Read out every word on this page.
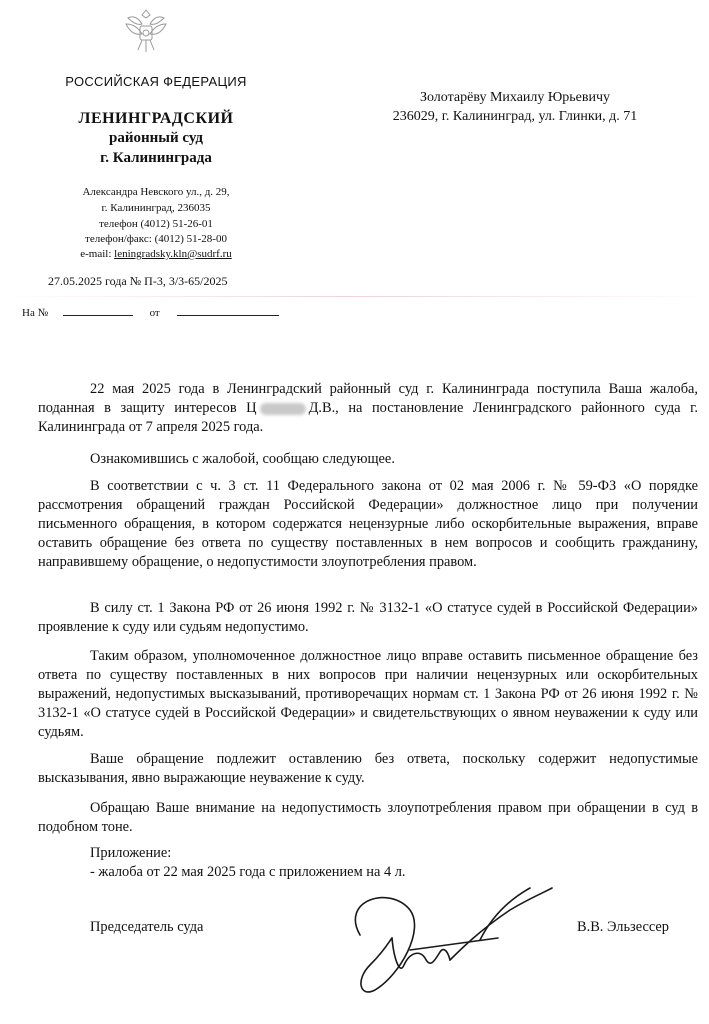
РОССИЙСКАЯ ФЕДЕРАЦИЯ
ЛЕНИНГРАДСКИЙ
районный суд
г. Калининграда
Александра Невского ул., д. 29,
г. Калининград, 236035
телефон (4012) 51-26-01
телефон/факс: (4012) 51-28-00
e-mail: leningradsky.kln@sudrf.ru
27.05.2025 года № П-3, 3/3-65/2025
На №	от
Золотарёву Михаилу Юрьевичу
236029, г. Калининград, ул. Глинки, д. 71

22 мая 2025 года в Ленинградский районный суд г. Калининграда поступила Ваша жалоба, поданная в защиту интересов Ц	Д.В., на постановление Ленинградского районного суда г. Калининграда от 7 апреля 2025 года.

Ознакомившись с жалобой, сообщаю следующее.

В соответствии с ч. 3 ст. 11 Федерального закона от 02 мая 2006 г. № 59-ФЗ «О порядке рассмотрения обращений граждан Российской Федерации» должностное лицо при получении письменного обращения, в котором содержатся нецензурные либо оскорбительные выражения, вправе оставить обращение без ответа по существу поставленных в нем вопросов и сообщить гражданину, направившему обращение, о недопустимости злоупотребления правом.

В силу ст. 1 Закона РФ от 26 июня 1992 г. № 3132-1 «О статусе судей в Российской Федерации» проявление к суду или судьям недопустимо.

Таким образом, уполномоченное должностное лицо вправе оставить письменное обращение без ответа по существу поставленных в них вопросов при наличии нецензурных или оскорбительных выражений, недопустимых высказываний, противоречащих нормам ст. 1 Закона РФ от 26 июня 1992 г. № 3132-1 «О статусе судей в Российской Федерации» и свидетельствующих о явном неуважении к суду или судьям.

Ваше обращение подлежит оставлению без ответа, поскольку содержит недопустимые высказывания, явно выражающие неуважение к суду.

Обращаю Ваше внимание на недопустимость злоупотребления правом при обращении в суд в подобном тоне.

Приложение:
- жалоба от 22 мая 2025 года с приложением на 4 л.
Председатель суда	В.В. Эльзессер
